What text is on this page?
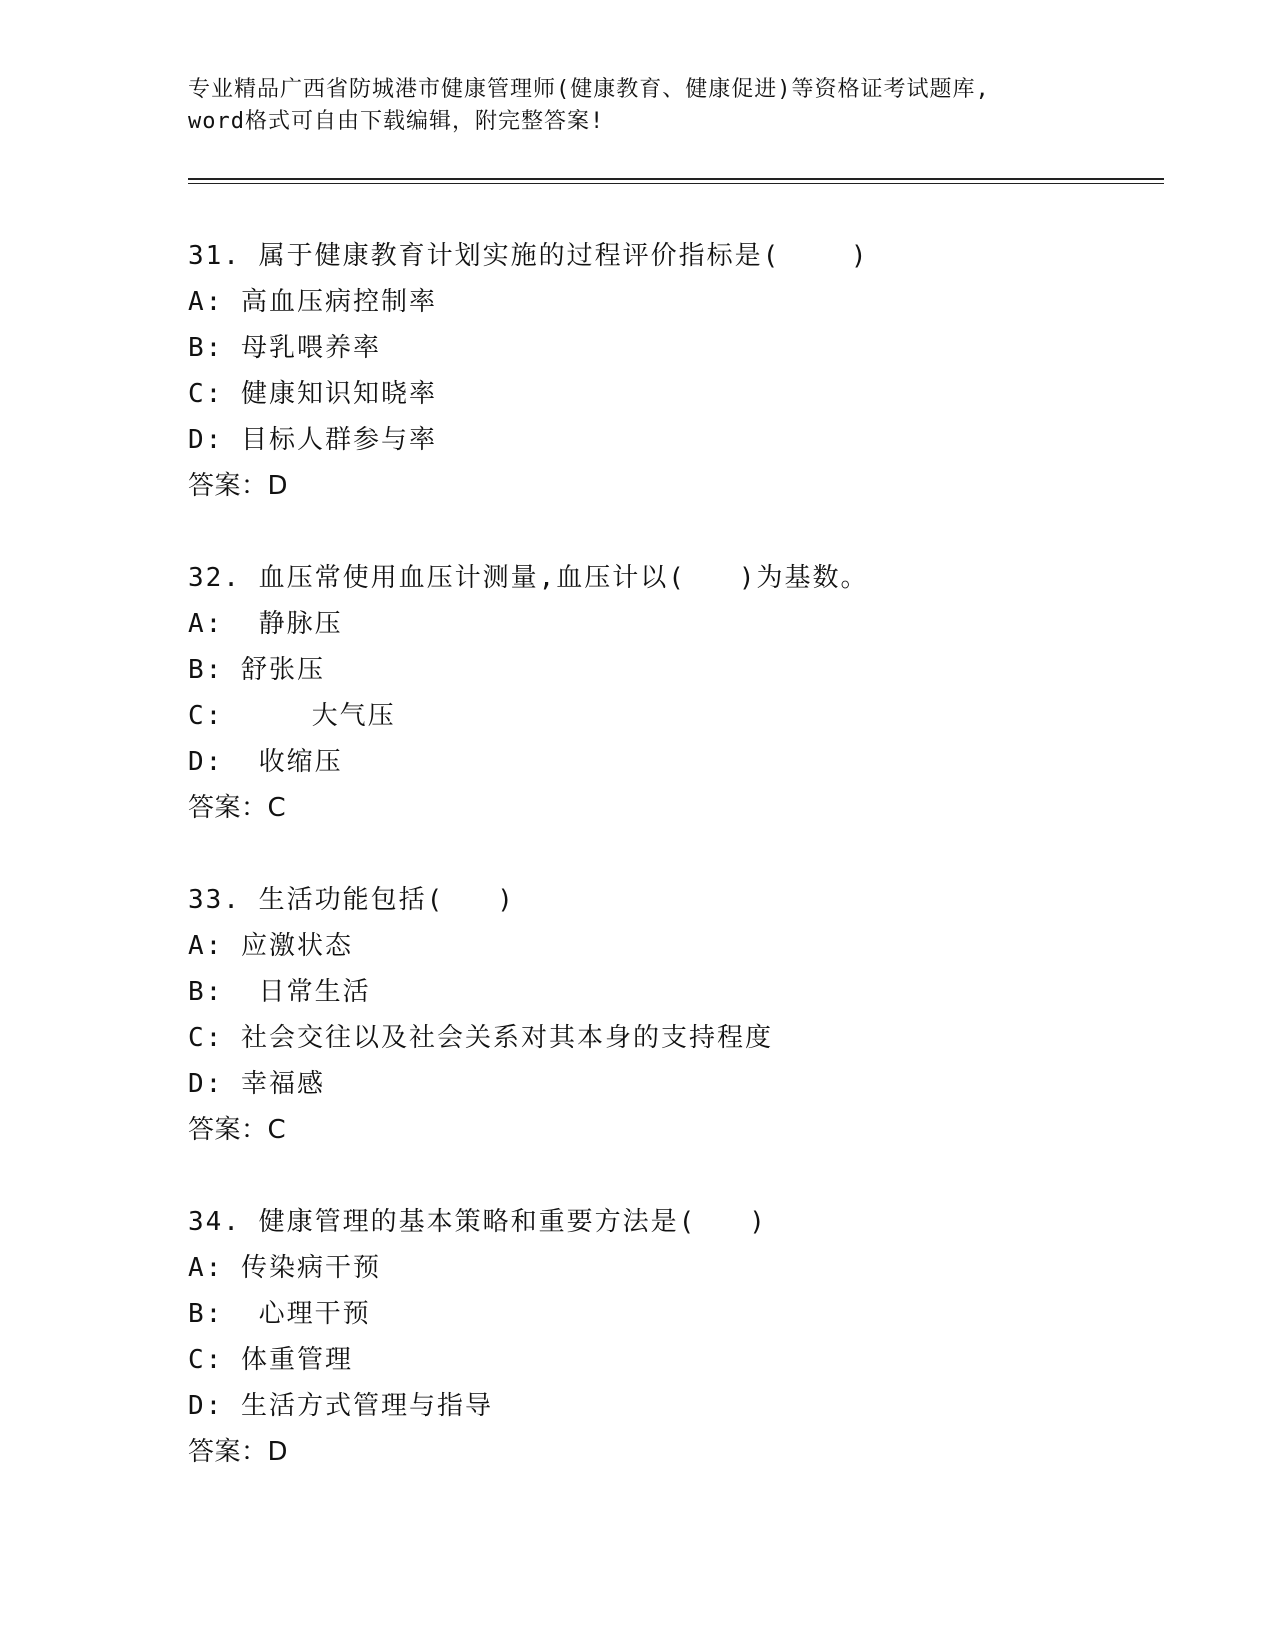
专业精品广西省防城港市健康管理师(健康教育、健康促进)等资格证考试题库,
word格式可自由下载编辑，附完整答案!
31. 属于健康教育计划实施的过程评价指标是(    )
A: 高血压病控制率
B: 母乳喂养率
C: 健康知识知晓率
D: 目标人群参与率
答案：D
32. 血压常使用血压计测量,血压计以(   )为基数。
A:  静脉压
B: 舒张压
C:     大气压
D:  收缩压
答案：C
33. 生活功能包括(   )
A: 应激状态
B:  日常生活
C: 社会交往以及社会关系对其本身的支持程度
D: 幸福感
答案：C
34. 健康管理的基本策略和重要方法是(   )
A: 传染病干预
B:  心理干预
C: 体重管理
D: 生活方式管理与指导
答案：D
